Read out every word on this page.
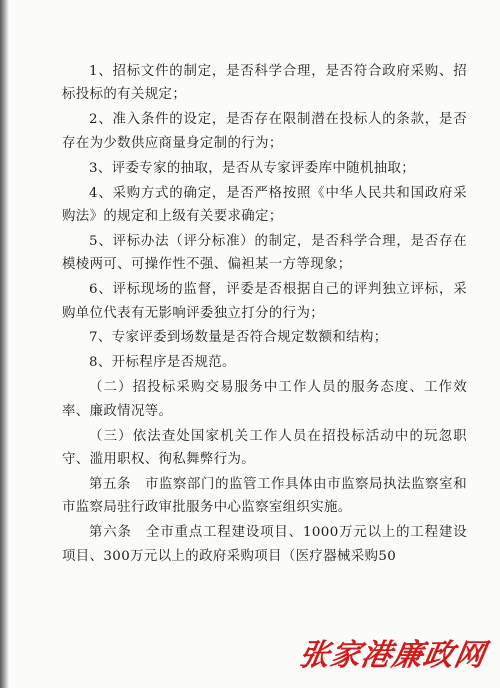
1、招标文件的制定，是否科学合理，是否符合政府采购、招标投标的有关规定；

2、准入条件的设定，是否存在限制潜在投标人的条款，是否存在为少数供应商量身定制的行为；

3、评委专家的抽取，是否从专家评委库中随机抽取；

4、采购方式的确定，是否严格按照《中华人民共和国政府采购法》的规定和上级有关要求确定；

5、评标办法（评分标准）的制定，是否科学合理，是否存在模棱两可、可操作性不强、偏袒某一方等现象；

6、评标现场的监督，评委是否根据自己的评判独立评标，采购单位代表有无影响评委独立打分的行为；

7、专家评委到场数量是否符合规定数额和结构；

8、开标程序是否规范。

（二）招投标采购交易服务中工作人员的服务态度、工作效率、廉政情况等。

（三）依法查处国家机关工作人员在招投标活动中的玩忽职守、滥用职权、徇私舞弊行为。

第五条　市监察部门的监管工作具体由市监察局执法监察室和市监察局驻行政审批服务中心监察室组织实施。

第六条　全市重点工程建设项目、1000万元以上的工程建设项目、300万元以上的政府采购项目（医疗器械采购50

张家港廉政网
